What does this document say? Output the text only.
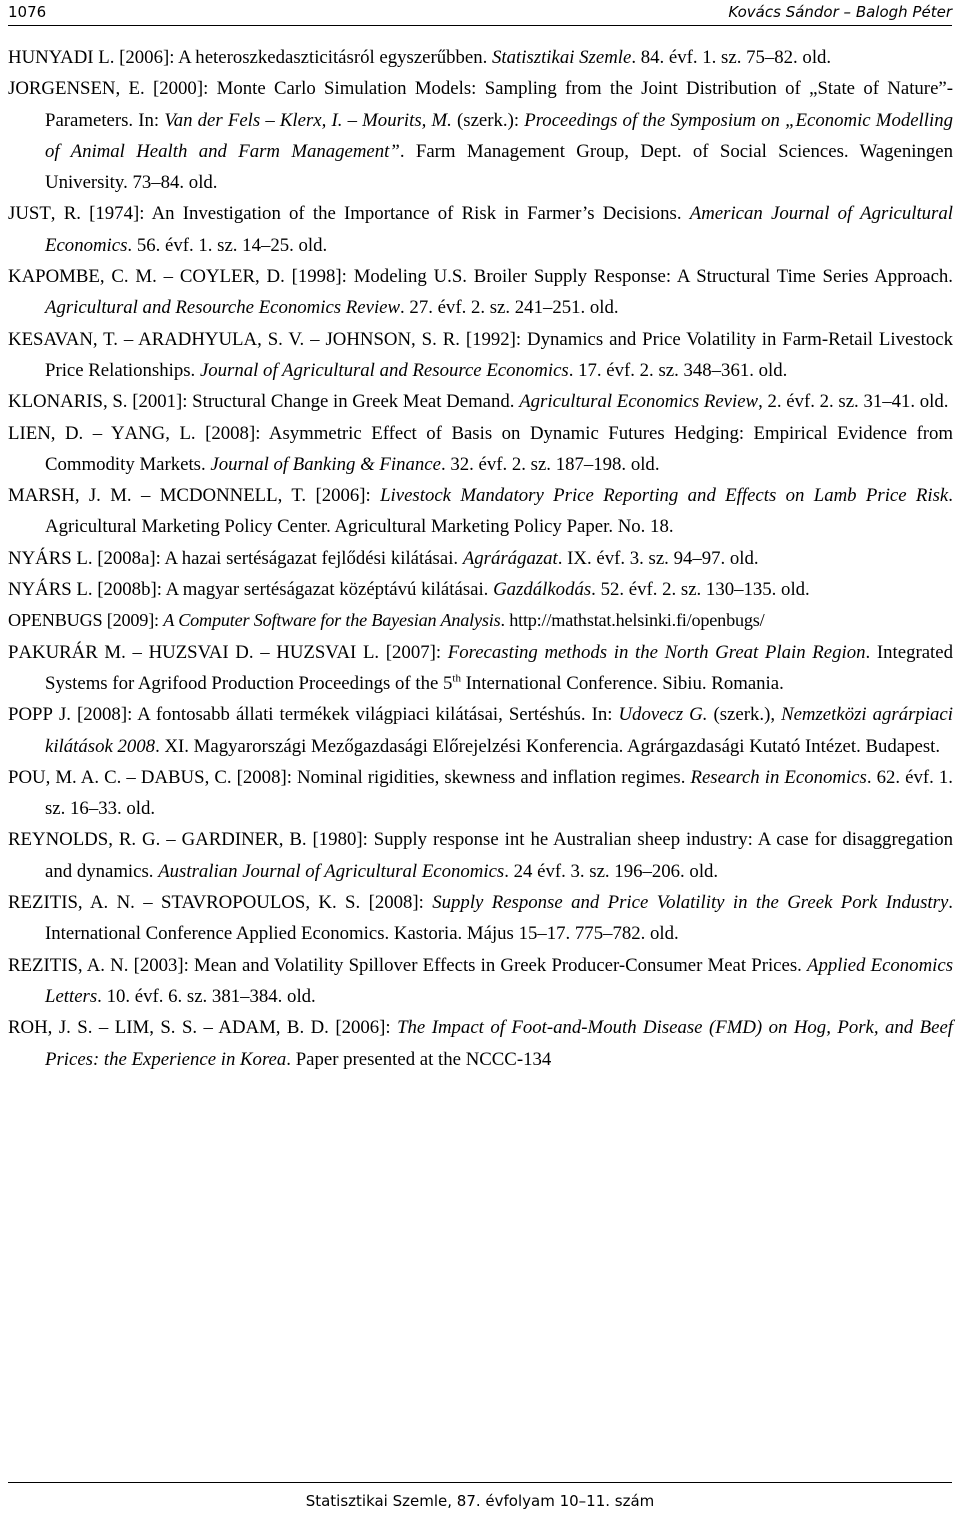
1076	Kovács Sándor – Balogh Péter

HUNYADI L. [2006]: A heteroszkedaszticitásról egyszerűbben. Statisztikai Szemle. 84. évf. 1. sz. 75–82. old.

JORGENSEN, E. [2000]: Monte Carlo Simulation Models: Sampling from the Joint Distribution of „State of Nature”-Parameters. In: Van der Fels – Klerx, I. – Mourits, M. (szerk.): Proceedings of the Symposium on „Economic Modelling of Animal Health and Farm Management”. Farm Management Group, Dept. of Social Sciences. Wageningen University. 73–84. old.

JUST, R. [1974]: An Investigation of the Importance of Risk in Farmer’s Decisions. American Journal of Agricultural Economics. 56. évf. 1. sz. 14–25. old.

KAPOMBE, C. M. – COYLER, D. [1998]: Modeling U.S. Broiler Supply Response: A Structural Time Series Approach. Agricultural and Resourche Economics Review. 27. évf. 2. sz. 241–251. old.

KESAVAN, T. – ARADHYULA, S. V. – JOHNSON, S. R. [1992]: Dynamics and Price Volatility in Farm-Retail Livestock Price Relationships. Journal of Agricultural and Resource Economics. 17. évf. 2. sz. 348–361. old.

KLONARIS, S. [2001]: Structural Change in Greek Meat Demand. Agricultural Economics Review, 2. évf. 2. sz. 31–41. old.

LIEN, D. – YANG, L. [2008]: Asymmetric Effect of Basis on Dynamic Futures Hedging: Empirical Evidence from Commodity Markets. Journal of Banking & Finance. 32. évf. 2. sz. 187–198. old.

MARSH, J. M. – MCDONNELL, T. [2006]: Livestock Mandatory Price Reporting and Effects on Lamb Price Risk. Agricultural Marketing Policy Center. Agricultural Marketing Policy Paper. No. 18.

NYÁRS L. [2008a]: A hazai sertéságazat fejlődési kilátásai. Agrárágazat. IX. évf. 3. sz. 94–97. old.

NYÁRS L. [2008b]: A magyar sertéságazat középtávú kilátásai. Gazdálkodás. 52. évf. 2. sz. 130–135. old.

OPENBUGS [2009]: A Computer Software for the Bayesian Analysis. http://mathstat.helsinki.fi/openbugs/

PAKURÁR M. – HUZSVAI D. – HUZSVAI L. [2007]: Forecasting methods in the North Great Plain Region. Integrated Systems for Agrifood Production Proceedings of the 5th International Conference. Sibiu. Romania.

POPP J. [2008]: A fontosabb állati termékek világpiaci kilátásai, Sertéshús. In: Udovecz G. (szerk.), Nemzetközi agrárpiaci kilátások 2008. XI. Magyarországi Mezőgazdasági Előrejelzési Konferencia. Agrárgazdasági Kutató Intézet. Budapest.

POU, M. A. C. – DABUS, C. [2008]: Nominal rigidities, skewness and inflation regimes. Research in Economics. 62. évf. 1. sz. 16–33. old.

REYNOLDS, R. G. – GARDINER, B. [1980]: Supply response int he Australian sheep industry: A case for disaggregation and dynamics. Australian Journal of Agricultural Economics. 24 évf. 3. sz. 196–206. old.

REZITIS, A. N. – STAVROPOULOS, K. S. [2008]: Supply Response and Price Volatility in the Greek Pork Industry. International Conference Applied Economics. Kastoria. Május 15–17. 775–782. old.

REZITIS, A. N. [2003]: Mean and Volatility Spillover Effects in Greek Producer-Consumer Meat Prices. Applied Economics Letters. 10. évf. 6. sz. 381–384. old.

ROH, J. S. – LIM, S. S. – ADAM, B. D. [2006]: The Impact of Foot-and-Mouth Disease (FMD) on Hog, Pork, and Beef Prices: the Experience in Korea. Paper presented at the NCCC-134

Statisztikai Szemle, 87. évfolyam 10–11. szám
